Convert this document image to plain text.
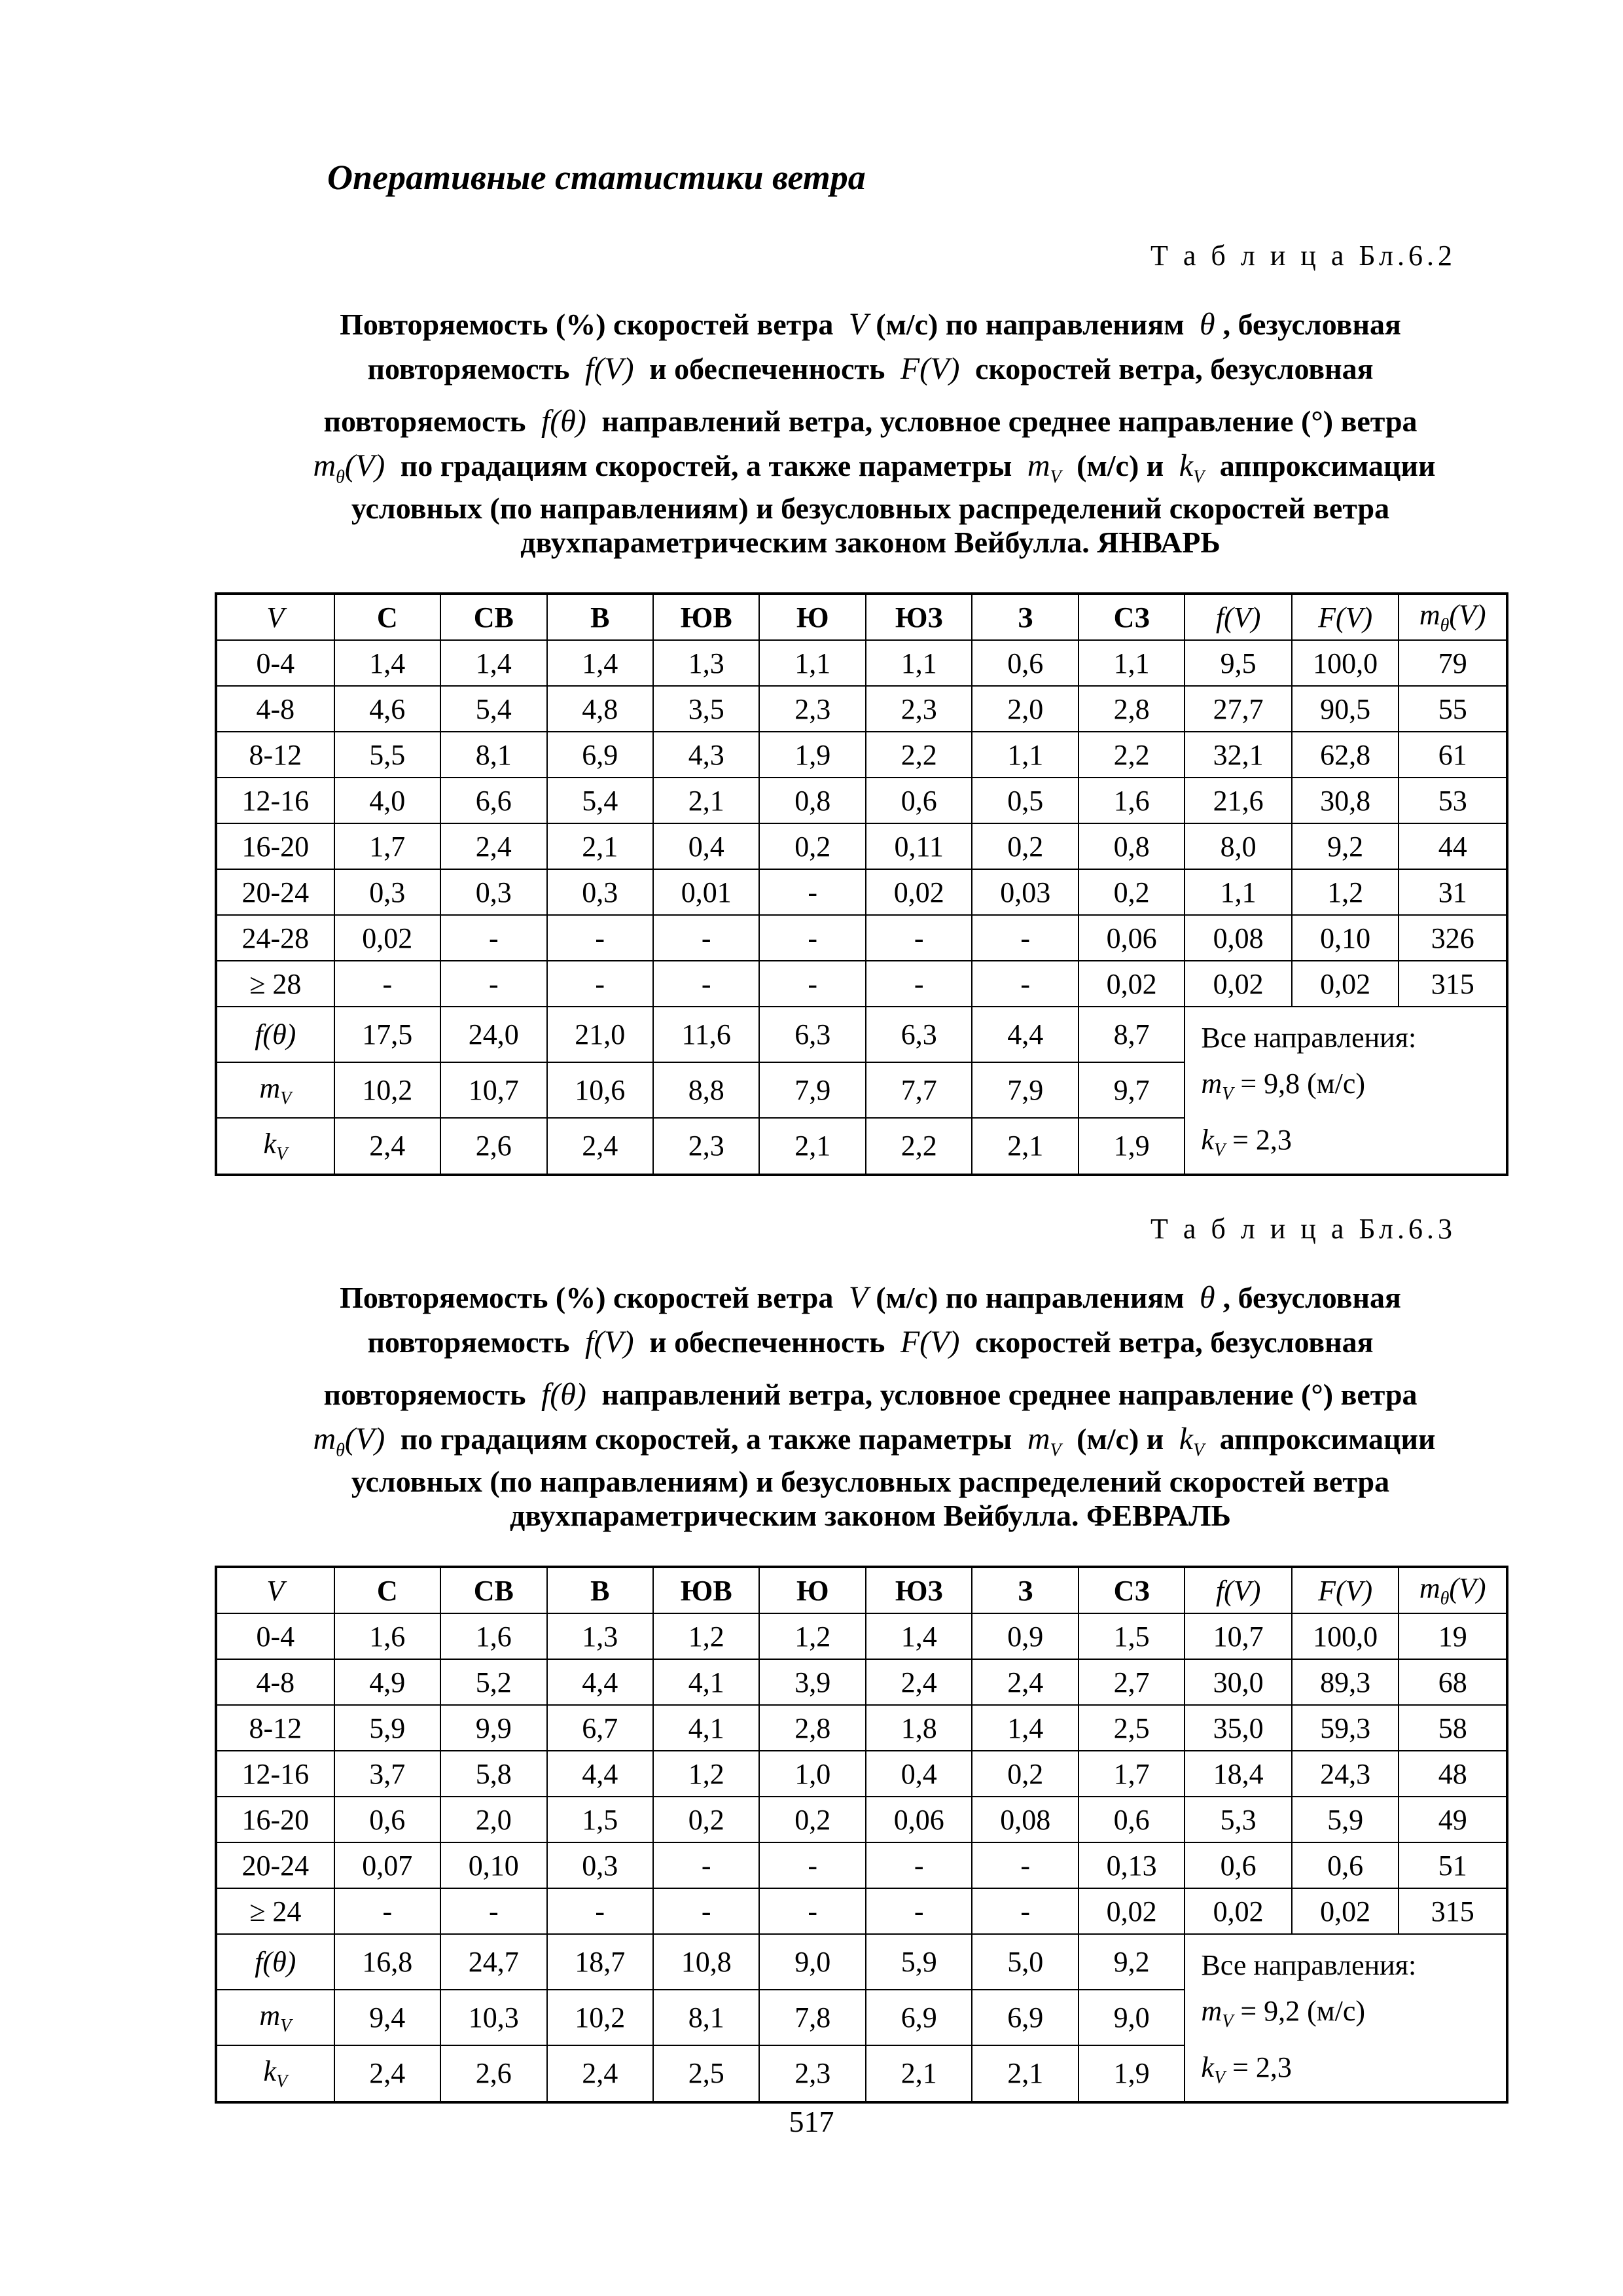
Оперативные статистики ветра
Т а б л и ц а Бл.6.2
Повторяемость (%) скоростей ветра V (м/с) по направлениям θ , безусловная
повторяемость f(V) и обеспеченность F(V) скоростей ветра, безусловная
повторяемость f(θ) направлений ветра, условное среднее направление (°) ветра
$m_\theta(V)$ по градациям скоростей, а также параметры $m_V$ (м/с) и $k_V$ аппроксимации
условных (по направлениям) и безусловных распределений скоростей ветра
двухпараметрическим законом Вейбулла. ЯНВАРЬ
V	С	СВ	В	ЮВ	Ю	ЮЗ	З	СЗ	f(V)	F(V)	$m_\theta(V)$
0-4	1,4	1,4	1,4	1,3	1,1	1,1	0,6	1,1	9,5	100,0	79
4-8	4,6	5,4	4,8	3,5	2,3	2,3	2,0	2,8	27,7	90,5	55
8-12	5,5	8,1	6,9	4,3	1,9	2,2	1,1	2,2	32,1	62,8	61
12-16	4,0	6,6	5,4	2,1	0,8	0,6	0,5	1,6	21,6	30,8	53
16-20	1,7	2,4	2,1	0,4	0,2	0,11	0,2	0,8	8,0	9,2	44
20-24	0,3	0,3	0,3	0,01	-	0,02	0,03	0,2	1,1	1,2	31
24-28	0,02	-	-	-	-	-	-	0,06	0,08	0,10	326
≥ 28	-	-	-	-	-	-	-	0,02	0,02	0,02	315
f(θ)	17,5	24,0	21,0	11,6	6,3	6,3	4,4	8,7	Все направления:
$m_V = 9,8$ (м/с)
$k_V = 2,3$		

$m_V$	10,2	10,7	10,6	8,8	7,9	7,7	7,9	9,7			
$k_V$	2,4	2,6	2,4	2,3	2,1	2,2	2,1	1,9			
Т а б л и ц а Бл.6.3
Повторяемость (%) скоростей ветра V (м/с) по направлениям θ , безусловная
повторяемость f(V) и обеспеченность F(V) скоростей ветра, безусловная
повторяемость f(θ) направлений ветра, условное среднее направление (°) ветра
$m_\theta(V)$ по градациям скоростей, а также параметры $m_V$ (м/с) и $k_V$ аппроксимации
условных (по направлениям) и безусловных распределений скоростей ветра
двухпараметрическим законом Вейбулла. ФЕВРАЛЬ
V	С	СВ	В	ЮВ	Ю	ЮЗ	З	СЗ	f(V)	F(V)	$m_\theta(V)$
0-4	1,6	1,6	1,3	1,2	1,2	1,4	0,9	1,5	10,7	100,0	19
4-8	4,9	5,2	4,4	4,1	3,9	2,4	2,4	2,7	30,0	89,3	68
8-12	5,9	9,9	6,7	4,1	2,8	1,8	1,4	2,5	35,0	59,3	58
12-16	3,7	5,8	4,4	1,2	1,0	0,4	0,2	1,7	18,4	24,3	48
16-20	0,6	2,0	1,5	0,2	0,2	0,06	0,08	0,6	5,3	5,9	49
20-24	0,07	0,10	0,3	-	-	-	-	0,13	0,6	0,6	51
≥ 24	-	-	-	-	-	-	-	0,02	0,02	0,02	315
f(θ)	16,8	24,7	18,7	10,8	9,0	5,9	5,0	9,2	Все направления:
$m_V = 9,2$ (м/с)
$k_V = 2,3$		

$m_V$	9,4	10,3	10,2	8,1	7,8	6,9	6,9	9,0			
$k_V$	2,4	2,6	2,4	2,5	2,3	2,1	2,1	1,9			
517
